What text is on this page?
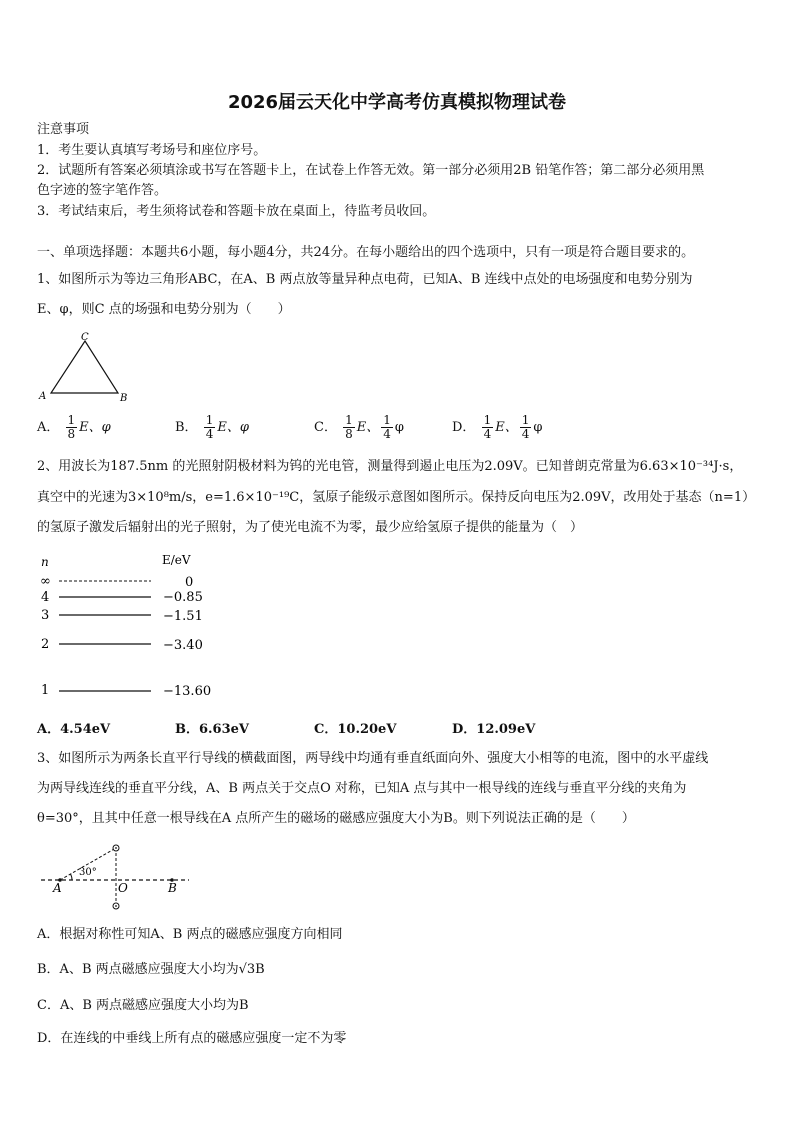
2026届云天化中学高考仿真模拟物理试卷
注意事项
1．考生要认真填写考场号和座位序号。
2．试题所有答案必须填涂或书写在答题卡上，在试卷上作答无效。第一部分必须用2B 铅笔作答；第二部分必须用黑
色字迹的签字笔作答。
3．考试结束后，考生须将试卷和答题卡放在桌面上，待监考员收回。
一、单项选择题：本题共6小题，每小题4分，共24分。在每小题给出的四个选项中，只有一项是符合题目要求的。
1、如图所示为等边三角形ABC，在A、B 两点放等量异种点电荷，已知A、B 连线中点处的电场强度和电势分别为
E、φ，则C 点的场强和电势分别为（　　）
C
A	B
A． $\frac{1}{8}$ E、φ	B． $\frac{1}{4}$ E、φ	C． $\frac{1}{8}$ E、 $\frac{1}{4}$ φ	D． $\frac{1}{4}$ E、 $\frac{1}{4}$ φ
2、用波长为187.5nm 的光照射阴极材料为钨的光电管，测量得到遏止电压为2.09V。已知普朗克常量为6.63×10⁻³⁴J·s，
真空中的光速为3×10⁸m/s，e=1.6×10⁻¹⁹C，氢原子能级示意图如图所示。保持反向电压为2.09V，改用处于基态（n=1）
的氢原子激发后辐射出的光子照射，为了使光电流不为零，最少应给氢原子提供的能量为（　）
n	E/eV
∞	0
4	−0.85
3	−1.51
2	−3.40
1	−13.60
A．4.54eV	B．6.63eV	C．10.20eV	D．12.09eV
3、如图所示为两条长直平行导线的横截面图，两导线中均通有垂直纸面向外、强度大小相等的电流，图中的水平虚线
为两导线连线的垂直平分线，A、B 两点关于交点O 对称，已知A 点与其中一根导线的连线与垂直平分线的夹角为
θ=30°，且其中任意一根导线在A 点所产生的磁场的磁感应强度大小为B。则下列说法正确的是（　　）
30°
A	O	B
A．根据对称性可知A、B 两点的磁感应强度方向相同
B．A、B 两点磁感应强度大小均为√3B
C．A、B 两点磁感应强度大小均为B
D．在连线的中垂线上所有点的磁感应强度一定不为零
